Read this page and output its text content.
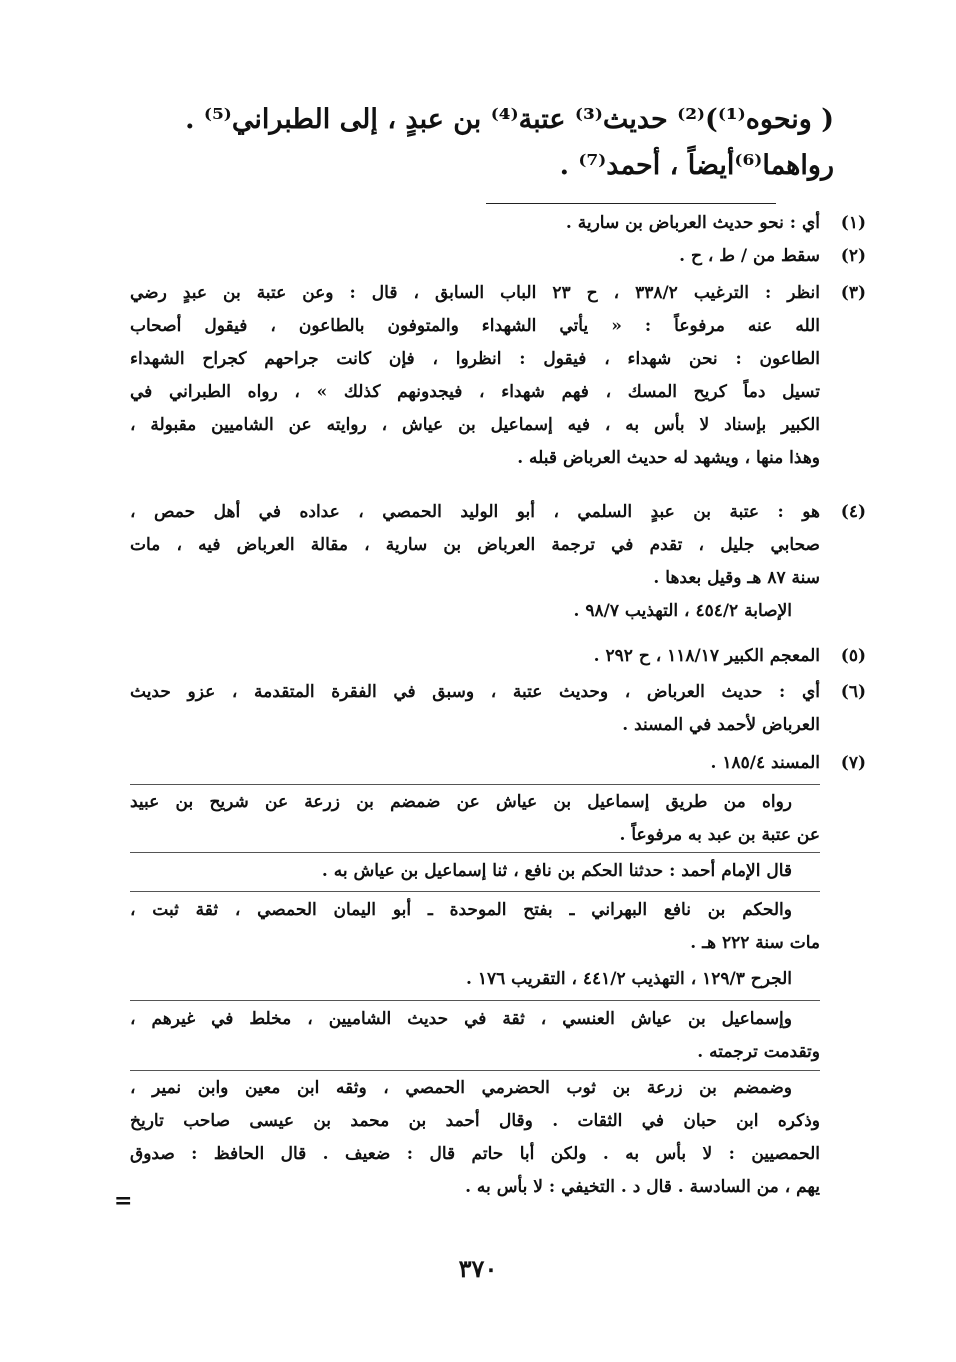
( ونحوه⁽¹⁾)⁽²⁾ حديث⁽³⁾ عتبة⁽⁴⁾ بن عبدٍ ، إلى الطبراني⁽⁵⁾ .
رواهما⁽⁶⁾أيضاً ، أحمد⁽⁷⁾ .
(١)
أي : نحو حديث العرباض بن سارية .
(٢)
سقط من / ط ، ح .
(٣)
انظر : الترغيب ٣٣٨/٢ ، ح ٢٣ الباب السابق ، قال : وعن عتبة بن عبدٍ رضي
الله عنه مرفوعاً : « يأتي الشهداء والمتوفون بالطاعون ، فيقول أصحاب
الطاعون : نحن شهداء ، فيقول : انظروا ، فإن كانت جراحهم كجراح الشهداء
تسيل دماً كريح المسك ، فهم شهداء ، فيجدونهم كذلك » ، رواه الطبراني في
الكبير بإسناد لا بأس به ، فيه إسماعيل بن عياش ، روايته عن الشاميين مقبولة ،
وهذا منها ، ويشهد له حديث العرباض قبله .
(٤)
هو : عتبة بن عبدٍ السلمي ، أبو الوليد الحمصي ، عداده في أهل حمص ،
صحابي جليل ، تقدم في ترجمة العرباض بن سارية ، مقالة العرباض فيه ، مات
سنة ٨٧ هـ وقيل بعدها .
الإصابة ٤٥٤/٢ ، التهذيب ٩٨/٧ .
(٥)
المعجم الكبير ١١٨/١٧ ، ح ٢٩٢ .
(٦)
أي : حديث العرباض ، وحديث عتبة ، وسبق في الفقرة المتقدمة ، عزو حديث
العرباض لأحمد في المسند .
(٧)
المسند ١٨٥/٤ .
رواه من طريق إسماعيل بن عياش عن ضمضم بن زرعة عن شريح بن عبيد
عن عتبة بن عبد به مرفوعاً .
قال الإمام أحمد : حدثنا الحكم بن نافع ، ثنا إسماعيل بن عياش به .
والحكم بن نافع البهراني ـ بفتح الموحدة ـ أبو اليمان الحمصي ، ثقة ثبت ،
مات سنة ٢٢٢ هـ .
الجرح ١٢٩/٣ ، التهذيب ٤٤١/٢ ، التقريب ١٧٦ .
وإسماعيل بن عياش العنسي ، ثقة في حديث الشاميين ، مخلط في غيرهم ،
وتقدمت ترجمته .
وضمضم بن زرعة بن ثوب الحضرمي الحمصي ، وثقه ابن معين وابن نمير ،
وذكره ابن حبان في الثقات . وقال أحمد بن محمد بن عيسى صاحب تاريخ
الحمصيين : لا بأس به . ولكن أبا حاتم قال : ضعيف . قال الحافظ : صدوق
يهم ، من السادسة . قال د . التخيفي : لا بأس به .
=
٣٧٠
